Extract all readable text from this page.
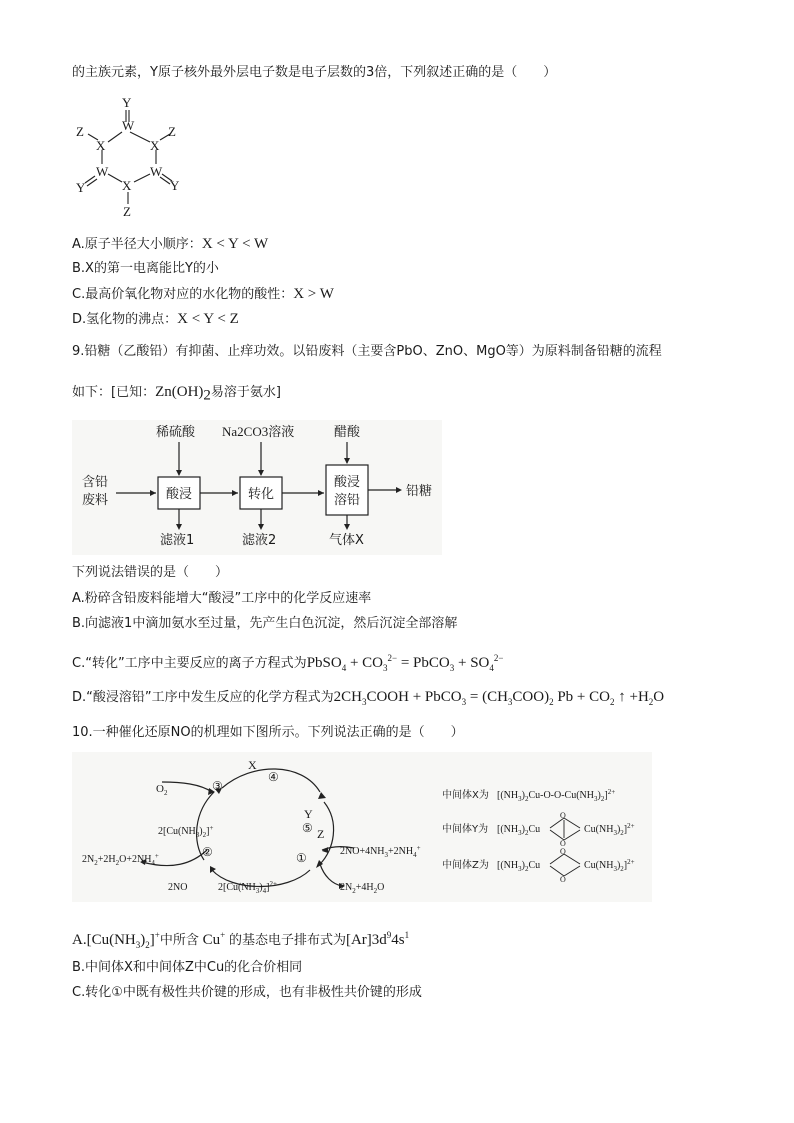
的主族元素，Y原子核外最外层电子数是电子层数的3倍，下列叙述正确的是（　　）
W
Y
X
Z
W
Y
X
Z
W
Y
X
Z
A.原子半径大小顺序：X < Y < W
B.X的第一电离能比Y的小
C.最高价氧化物对应的水化物的酸性：X > W
D.氢化物的沸点：X < Y < Z
9.铅糖（乙酸铅）有抑菌、止痒功效。以铅废料（主要含PbO、ZnO、MgO等）为原料制备铅糖的流程
如下：[已知：$Zn(OH)_2$易溶于氨水]
含铅
废料	酸浸	转化
酸浸
溶铅
稀硫酸 Na2CO3溶液	醋酸
滤液1	滤液2	气体X
铅糖
下列说法错误的是（　　）
A.粉碎含铅废料能增大“酸浸”工序中的化学反应速率
B.向滤液1中滴加氨水至过量，先产生白色沉淀，然后沉淀全部溶解
C.“转化”工序中主要反应的离子方程式为PbSO$_4$ + $CO_3^{2-}$ = PbCO$_3$ + $SO_4^{2-}$
D.“酸浸溶铅”工序中发生反应的化学方程式为$2CH_3COOH$ + PbCO$_3$ = $(CH_3COO)_2$ $Pb + CO_2$ ↑ $+H_2O$
10.一种催化还原NO的机理如下图所示。下列说法正确的是（　　）
$O_2$
X
Y
Z
③
④
⑤
①
②
$2[Cu(NH_3)_2]^+$
$2[Cu(NH_3)_4]^{2+}$
$2NO+4NH_3+2NH_4^+$
$2N_2+4H_2O$
$2N_2+2H_2O+2NH_4^+$
2NO
中间体X为 $[(NH_3)_2Cu-O-O-Cu(NH_3)_2]^{2+}$
中间体Y为 [$(NH_3)_2Cu$	$Cu(NH_3)_2]^{2+}$
O
O
中间体Z为 [$(NH_3)_2Cu$	$Cu(NH_3)_2]^{2+}$
O
O
$A.[Cu(NH_3)_2]^+$中所含 Cu+ 的基态电子排布式为$[Ar]3d^94s^1$
B.中间体X和中间体Z中Cu的化合价相同
C.转化①中既有极性共价键的形成，也有非极性共价键的形成
